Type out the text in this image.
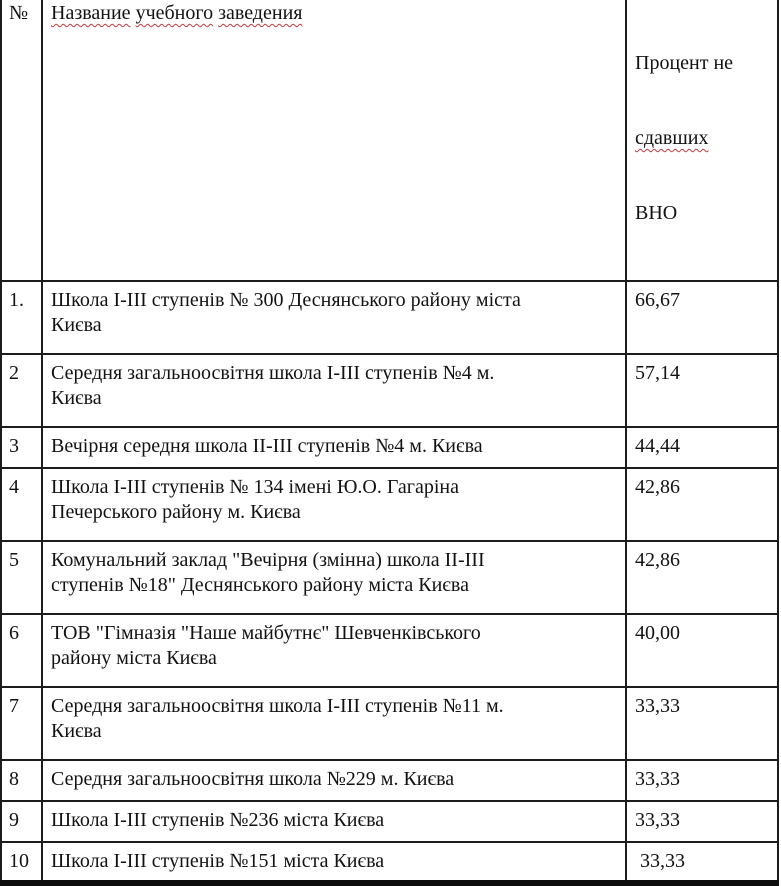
№	Название учебного заведения	Процент не

сдавших

ВНО

1.	Школа І-ІІІ ступенів № 300 Деснянського району міста
Києва	66,67
2	Середня загальноосвітня школа І-ІІІ ступенів №4 м.
Києва	57,14
3	Вечірня середня школа ІІ-ІІІ ступенів №4 м. Києва	44,44
4	Школа І-ІІІ ступенів № 134 імені Ю.О. Гагаріна
Печерського району м. Києва	42,86
5	Комунальний заклад "Вечірня (змінна) школа ІІ-ІІІ
ступенів №18" Деснянського району міста Києва	42,86
6	ТОВ "Гімназія "Наше майбутнє" Шевченківського
району міста Києва	40,00
7	Середня загальноосвітня школа І-ІІІ ступенів №11 м.
Києва	33,33
8	Середня загальноосвітня школа №229 м. Києва	33,33
9	Школа І-ІІІ ступенів №236 міста Києва	33,33
10	Школа І-ІІІ ступенів №151 міста Києва	33,33
